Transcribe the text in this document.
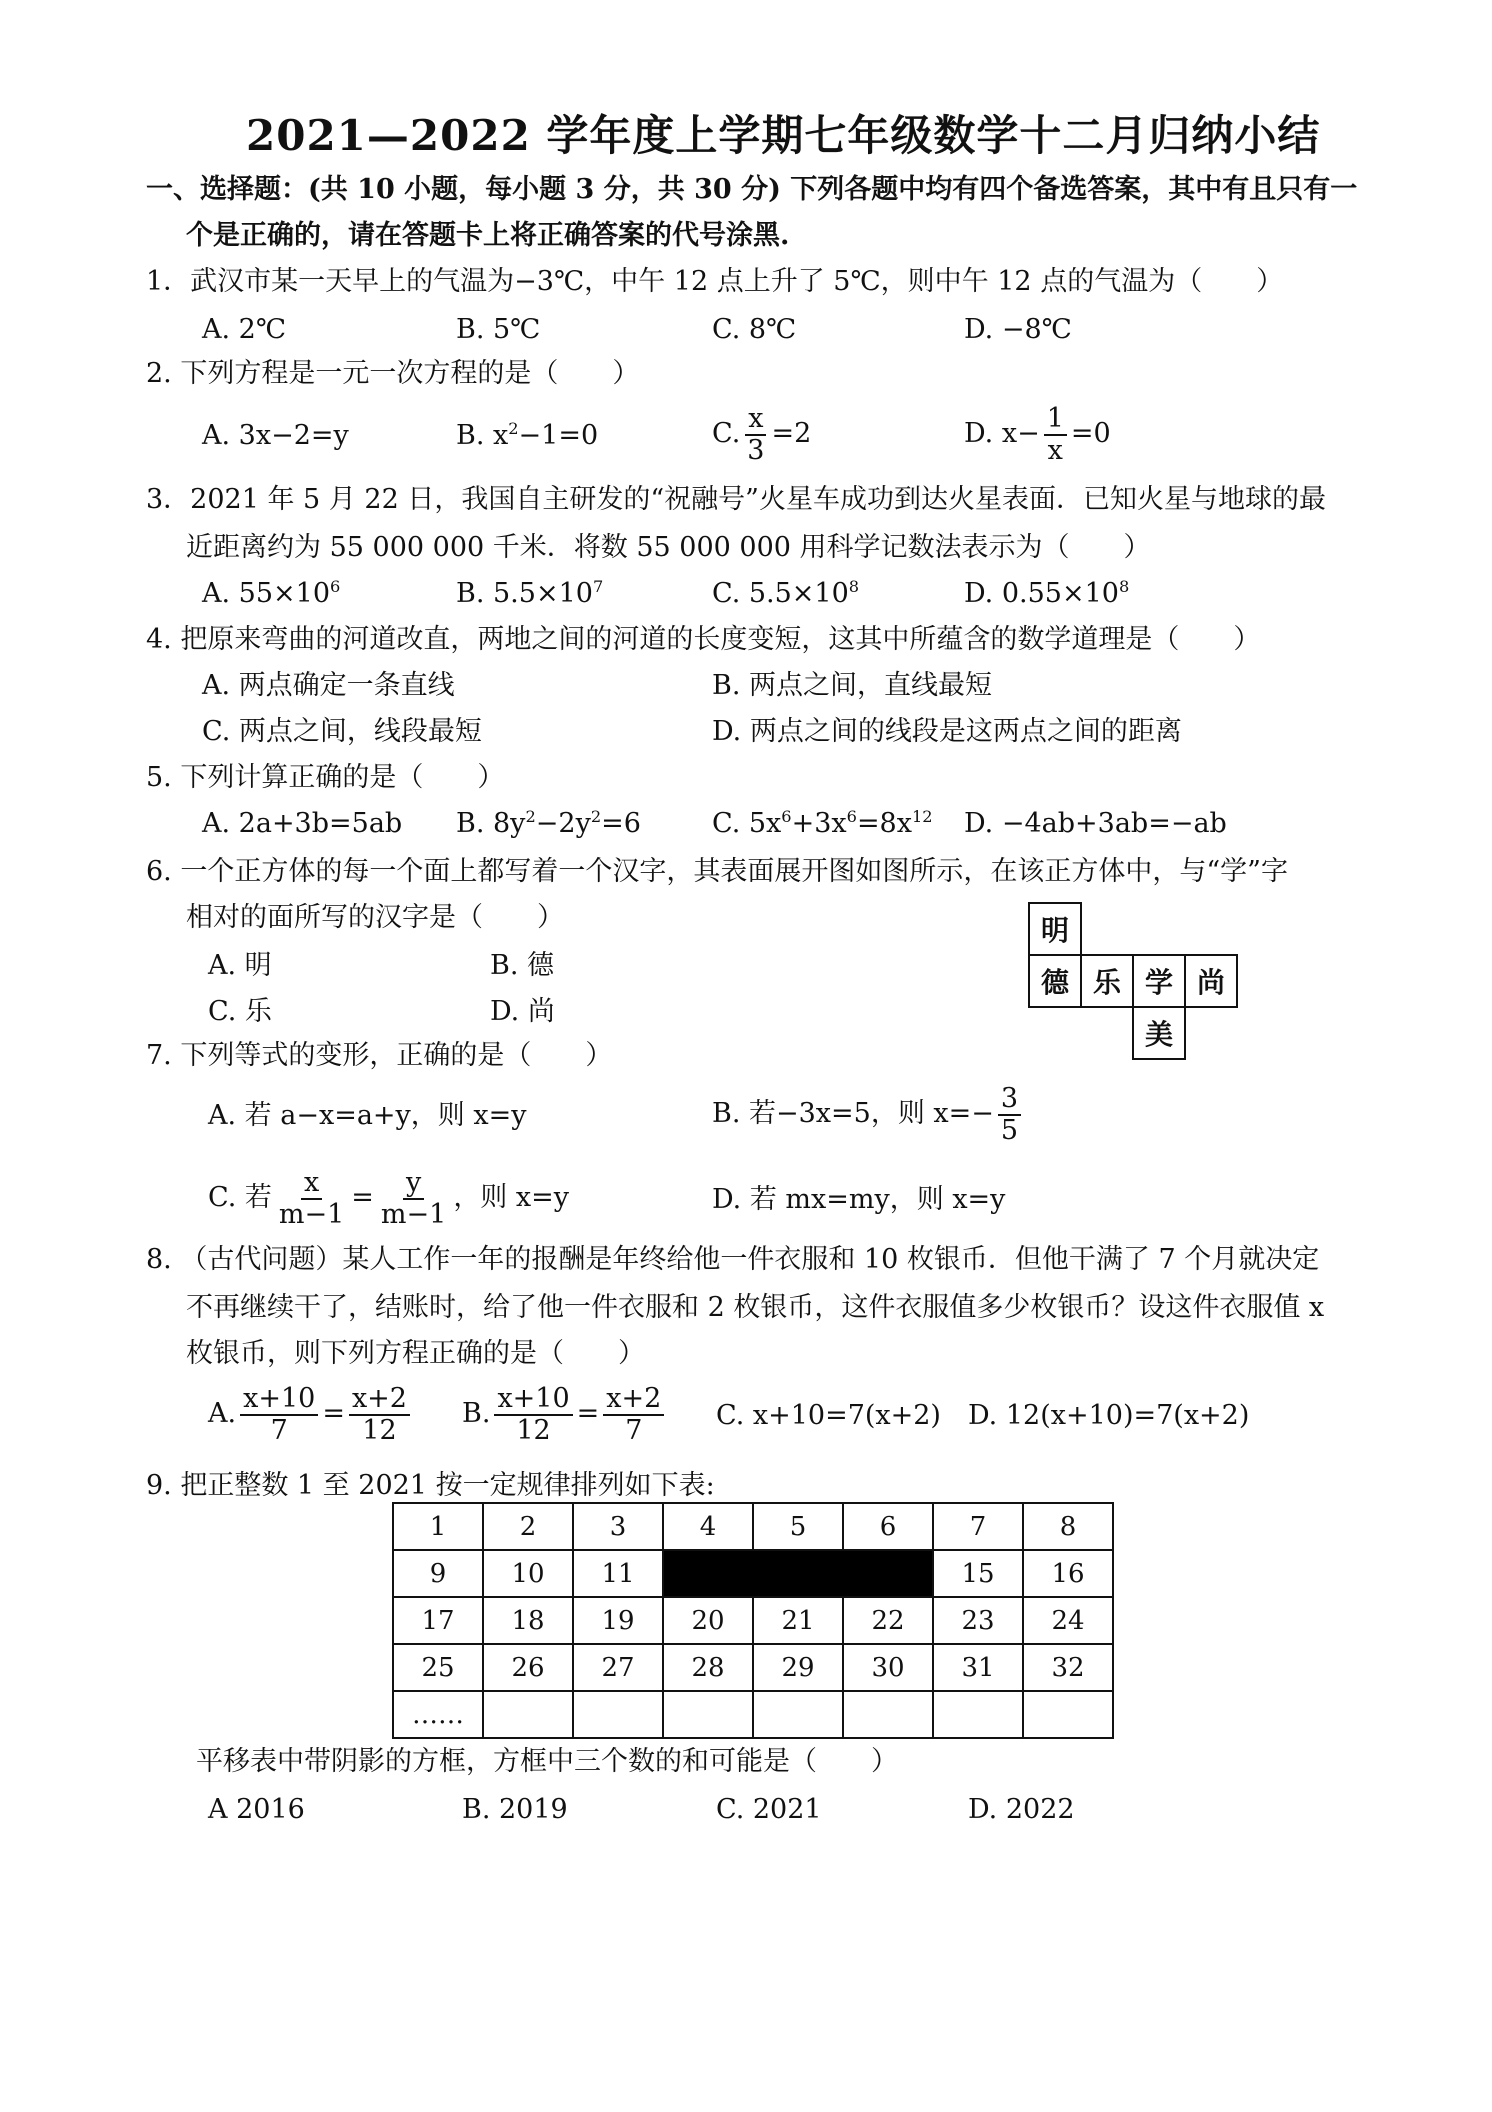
2021—2022 学年度上学期七年级数学十二月归纳小结
一、选择题：(共 10 小题，每小题 3 分，共 30 分) 下列各题中均有四个备选答案，其中有且只有一
个是正确的，请在答题卡上将正确答案的代号涂黑.
1．武汉市某一天早上的气温为−3℃，中午 12 点上升了 5℃，则中午 12 点的气温为（　　）
A. 2℃	B. 5℃	C. 8℃	D. −8℃
2. 下列方程是一元一次方程的是（　　）
A. 3x−2=y	B. $x^2-1=0$	C. $\frac{x}{3} =2$	D. $x- \frac{1}{x} =0$
3．2021 年 5 月 22 日，我国自主研发的“祝融号”火星车成功到达火星表面．已知火星与地球的最
近距离约为 55 000 000 千米．将数 55 000 000 用科学记数法表示为（　　）
A. $55\times 10^6$	B. $5.5\times 10^7$	C. $5.5\times 10^8$	D. $0.55\times 10^8$
4. 把原来弯曲的河道改直，两地之间的河道的长度变短，这其中所蕴含的数学道理是（　　）
A. 两点确定一条直线	B. 两点之间，直线最短
C. 两点之间，线段最短	D. 两点之间的线段是这两点之间的距离
5. 下列计算正确的是（　　）
A. 2a+3b=5ab B. $8y^2-2y^2=6$	C. $5x^6+3x^6=8x^{12}$ D. −4ab+3ab=−ab
6. 一个正方体的每一个面上都写着一个汉字，其表面展开图如图所示，在该正方体中，与“学”字
相对的面所写的汉字是（　　）
A. 明	B. 德
C. 乐	D. 尚
明			
德	乐	学	尚
		美	
7. 下列等式的变形，正确的是（　　）
A. 若 a−x=a+y，则 x=y	B. 若−3x=5，则 $x=- \frac{3}{5}$
C. 若 $\frac{x}{m-1} = \frac{y}{m-1}$ ，则 x=y	D. 若 mx=my，则 x=y
8. （古代问题）某人工作一年的报酬是年终给他一件衣服和 10 枚银币．但他干满了 7 个月就决定
不再继续干了，结账时，给了他一件衣服和 2 枚银币，这件衣服值多少枚银币？设这件衣服值 x
枚银币，则下列方程正确的是（　　）
A. $\frac{x+10}{7} = \frac{x+2}{12} B$. $\frac{x+10}{12} = \frac{x+2}{7} C$. x+10=7(x+2) D. 12(x+10)=7(x+2)
9. 把正整数 1 至 2021 按一定规律排列如下表:
1	2	3	4	5	6	7	8
9	10	11				15	16
17	18	19	20	21	22	23	24
25	26	27	28	29	30	31	32
……							
平移表中带阴影的方框，方框中三个数的和可能是（　　）
A 2016	B. 2019	C. 2021	D. 2022
